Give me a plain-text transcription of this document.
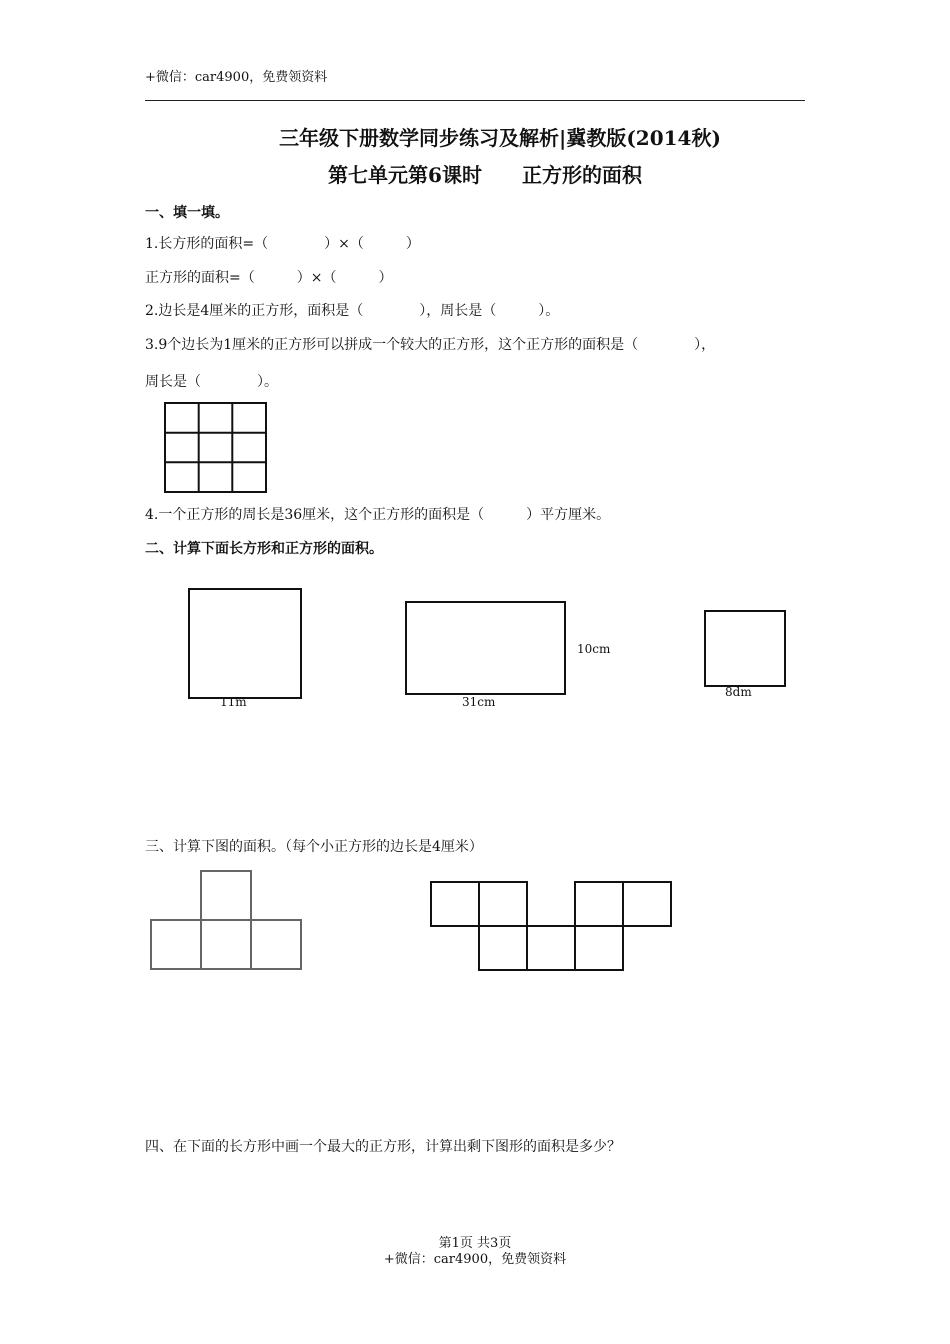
+微信：car4900，免费领资料
三年级下册数学同步练习及解析|冀教版(2014秋)
第七单元第6课时　　正方形的面积
一、填一填。
1.长方形的面积=（　　　　）×（　　　）
正方形的面积=（　　　）×（　　　）
2.边长是4厘米的正方形，面积是（　　　　），周长是（　　　）。
3.9个边长为1厘米的正方形可以拼成一个较大的正方形，这个正方形的面积是（　　　　），
周长是（　　　　）。
4.一个正方形的周长是36厘米，这个正方形的面积是（　　　）平方厘米。
二、计算下面长方形和正方形的面积。
11m	31cm
10cm
8dm
三、计算下图的面积。（每个小正方形的边长是4厘米）
四、在下面的长方形中画一个最大的正方形，计算出剩下图形的面积是多少？
第1页 共3页
+微信：car4900，免费领资料
